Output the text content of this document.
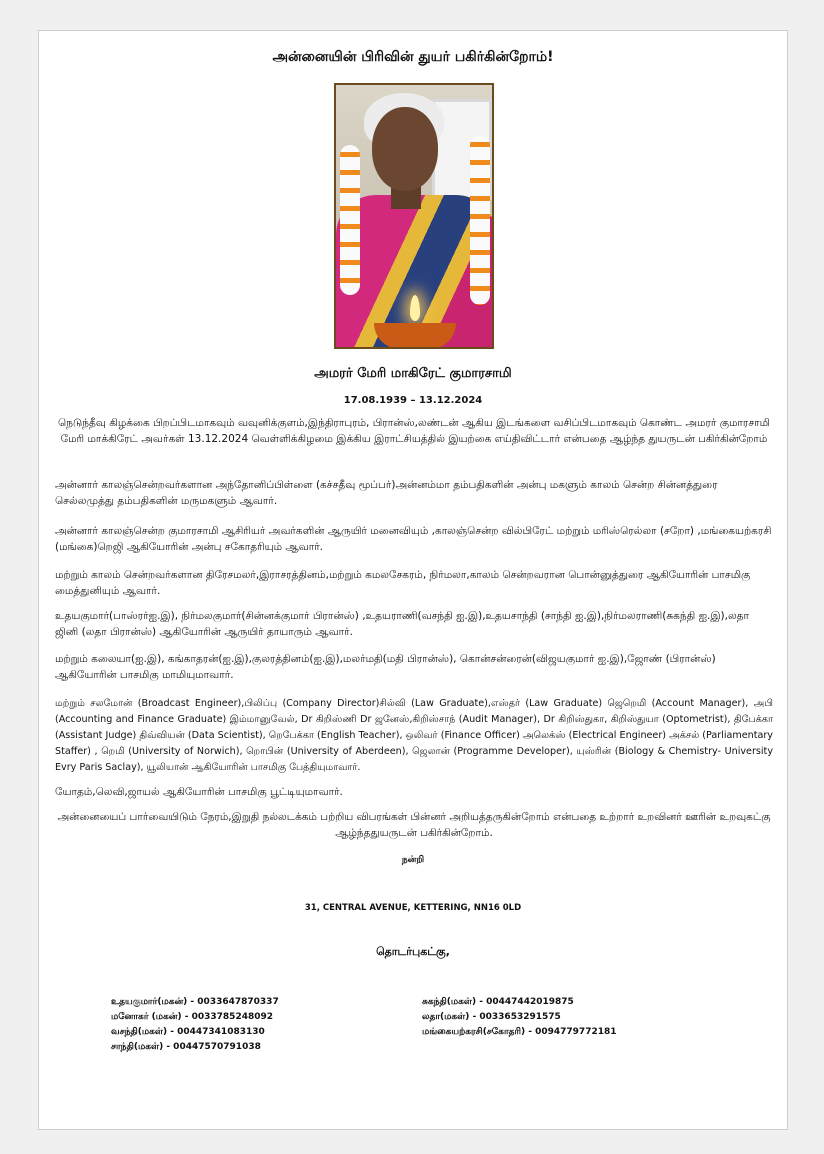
அன்னையின் பிரிவின் துயர் பகிர்கின்றோம்!
அமரர் மேரி மாகிரேட் குமாரசாமி
17.08.1939 – 13.12.2024
நெடுந்தீவு கிழக்கை பிறப்பிடமாகவும் வவுனிக்குளம்,இந்திராபுரம், பிரான்ஸ்,லண்டன் ஆகிய இடங்களை வசிப்பிடமாகவும் கொண்ட அமரர் குமாரசாமி மேரி மாக்கிரேட் அவர்கள் 13.12.2024 வெள்ளிக்கிழமை இக்கிய இராட்சியத்தில் இயற்கை எய்திவிட்டார் என்பதை ஆழ்ந்த துயருடன் பகிர்கின்றோம்
அன்னார் காலஞ்சென்றவர்களான அந்தோனிப்பிள்ளை (கச்சதீவு மூப்பர்)அன்னம்மா தம்பதிகளின் அன்பு மகளும் காலம் சென்ற சின்னத்துரை செல்லமுத்து தம்பதிகளின் மருமகளும் ஆவார்.
அன்னார் காலஞ்சென்ற குமாரசாமி ஆசிரியர் அவர்களின் ஆருயிர் மனைவியும் ,காலஞ்சென்ற வில்பிரேட் மற்றும் மரிஸ்ரெல்லா (சறோ) ,மங்கையற்கரசி (மங்கை)றெஜி ஆகியோரின் அன்பு சகோதரியும் ஆவார்.
மற்றும் காலம் சென்றவர்களான திரேசமலர்,இராசரத்தினம்,மற்றும் கமலசேகரம், நிர்மலா,காலம் சென்றவரான பொன்னுத்துரை ஆகியோரின் பாசமிகு மைத்துனியும் ஆவார்.
உதயகுமார்(பாஸ்ரர்ஐ.இ), நிர்மலகுமார்(சின்னக்குமார் பிரான்ஸ்) ,உதயராணி(வசந்தி ஐ.இ),உதயசாந்தி (சாந்தி ஐ.இ),நிர்மலராணி(சுகந்தி ஐ.இ),லதா ஜினி (லதா பிரான்ஸ்) ஆகியோரின் ஆருயிர் தாயாரும் ஆவார்.
மற்றும் கலையா(ஐ.இ), கங்காதரன்(ஐ.இ),குலரத்தினம்(ஐ.இ),மலர்மதி(மதி பிரான்ஸ்), கொன்சன்ரைன்(விஜயகுமார் ஐ.இ),ஜோண் (பிரான்ஸ்) ஆகியோரின் பாசமிகு மாமியுமாவார்.
மற்றும் சலமோன் (Broadcast Engineer),பிலிப்பு (Company Director)சில்வி (Law Graduate),எஸ்தர் (Law Graduate) ஜெறெமி (Account Manager), அபி (Accounting and Finance Graduate) இம்மானுவேல், Dr கிறிஸ்ணி Dr ஜனேஸ்,கிறிஸ்சாந் (Audit Manager), Dr கிறிஸ்துகா, கிறிஸ்துயா (Optometrist), திபேக்கா (Assistant Judge) திவ்வியன் (Data Scientist), றெபேக்கா (English Teacher), ஒலிவர் (Finance Officer) அலெக்ஸ் (Electrical Engineer) அக்சல் (Parliamentary Staffer) , றெமி (University of Norwich), றொபின் (University of Aberdeen), ஜெலான் (Programme Developer), யுஸ்ரின் (Biology & Chemistry- University Evry Paris Saclay), யூலியான் ஆகியோரின் பாசமிகு பேத்தியுமாவார்.
யோதம்,லெவி,ஜாயல் ஆகியோரின் பாசமிகு பூட்டியுமாவார்.
அன்னையைப் பார்வையிடும் நேரம்,இறுதி நல்லடக்கம் பற்றிய விபரங்கள் பின்னர் அறியத்தருகின்றோம் என்பதை உற்றார் உறவினர் ஊரின் உறவுகட்கு ஆழ்ந்ததுயருடன் பகிர்கின்றோம்.
நன்றி
31, CENTRAL AVENUE, KETTERING, NN16 0LD
தொடர்புகட்கு,
உதயகுமார்(மகன்) - 0033647870337
மனோகர் (மகன்) - 0033785248092
வசந்தி(மகள்) - 00447341083130
சாந்தி(மகள்) - 00447570791038
சுகந்தி(மகள்) - 00447442019875
லதா(மகள்) - 0033653291575
மங்கையற்கரசி(சகோதரி) - 0094779772181
